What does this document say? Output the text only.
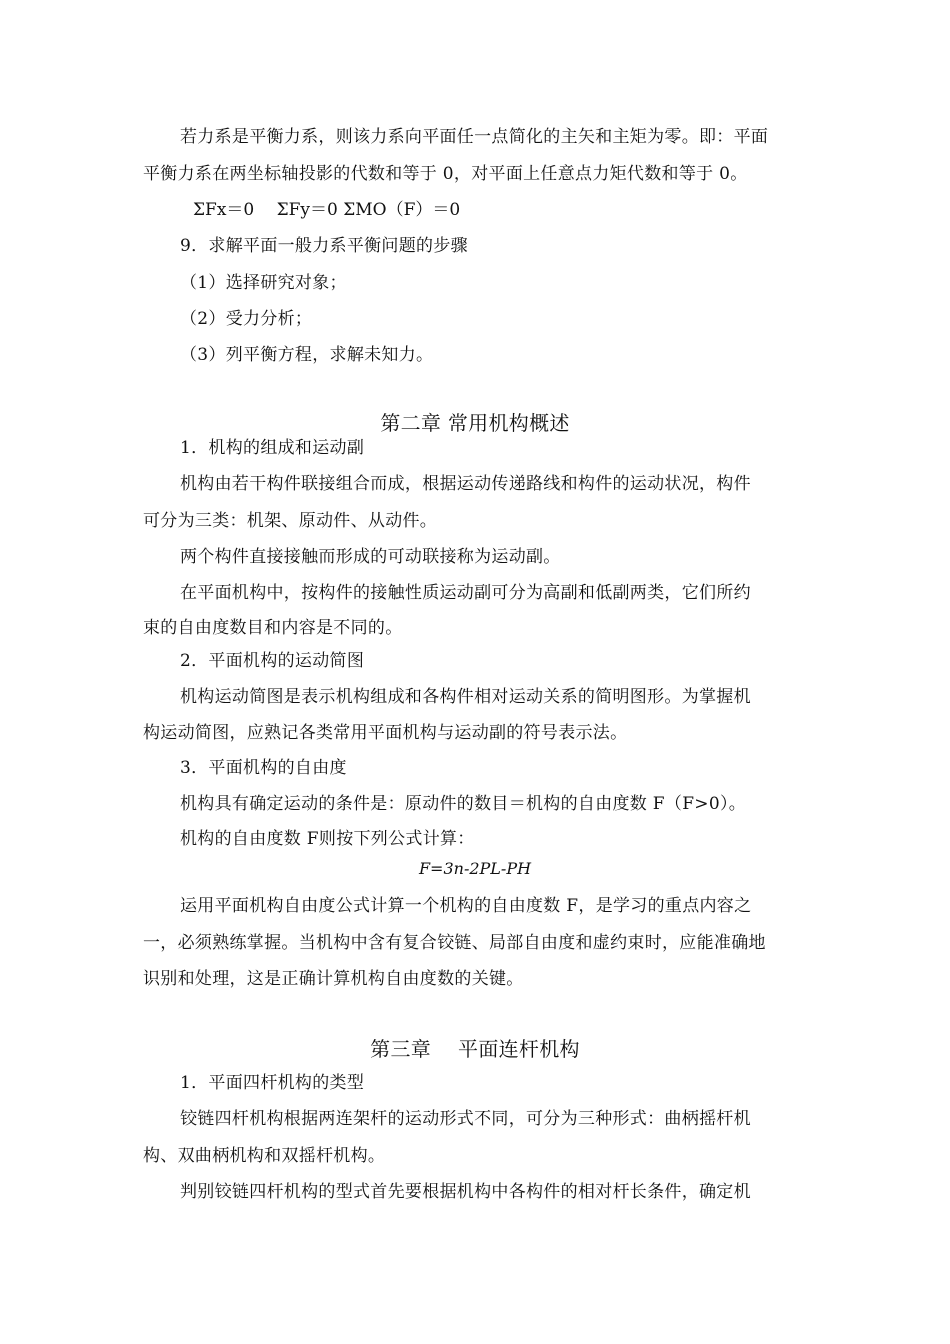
若力系是平衡力系，则该力系向平面任一点简化的主矢和主矩为零。即：平面
平衡力系在两坐标轴投影的代数和等于 0，对平面上任意点力矩代数和等于 0。
ΣFx＝0　 ΣFy＝0 ΣMO（F）＝0
9．求解平面一般力系平衡问题的步骤
（1）选择研究对象；
（2）受力分析；
（3）列平衡方程，求解未知力。
第二章 常用机构概述
1．机构的组成和运动副
机构由若干构件联接组合而成，根据运动传递路线和构件的运动状况，构件
可分为三类：机架、原动件、从动件。
两个构件直接接触而形成的可动联接称为运动副。
在平面机构中，按构件的接触性质运动副可分为高副和低副两类，它们所约
束的自由度数目和内容是不同的。
2．平面机构的运动简图
机构运动简图是表示机构组成和各构件相对运动关系的简明图形。为掌握机
构运动简图，应熟记各类常用平面机构与运动副的符号表示法。
3．平面机构的自由度
机构具有确定运动的条件是：原动件的数目＝机构的自由度数 F（F>0）。
机构的自由度数 F则按下列公式计算：
F=3n-2PL-PH
运用平面机构自由度公式计算一个机构的自由度数 F，是学习的重点内容之
一，必须熟练掌握。当机构中含有复合铰链、局部自由度和虚约束时，应能准确地
识别和处理，这是正确计算机构自由度数的关键。
第三章　 平面连杆机构
1．平面四杆机构的类型
铰链四杆机构根据两连架杆的运动形式不同，可分为三种形式：曲柄摇杆机
构、双曲柄机构和双摇杆机构。
判别铰链四杆机构的型式首先要根据机构中各构件的相对杆长条件，确定机
